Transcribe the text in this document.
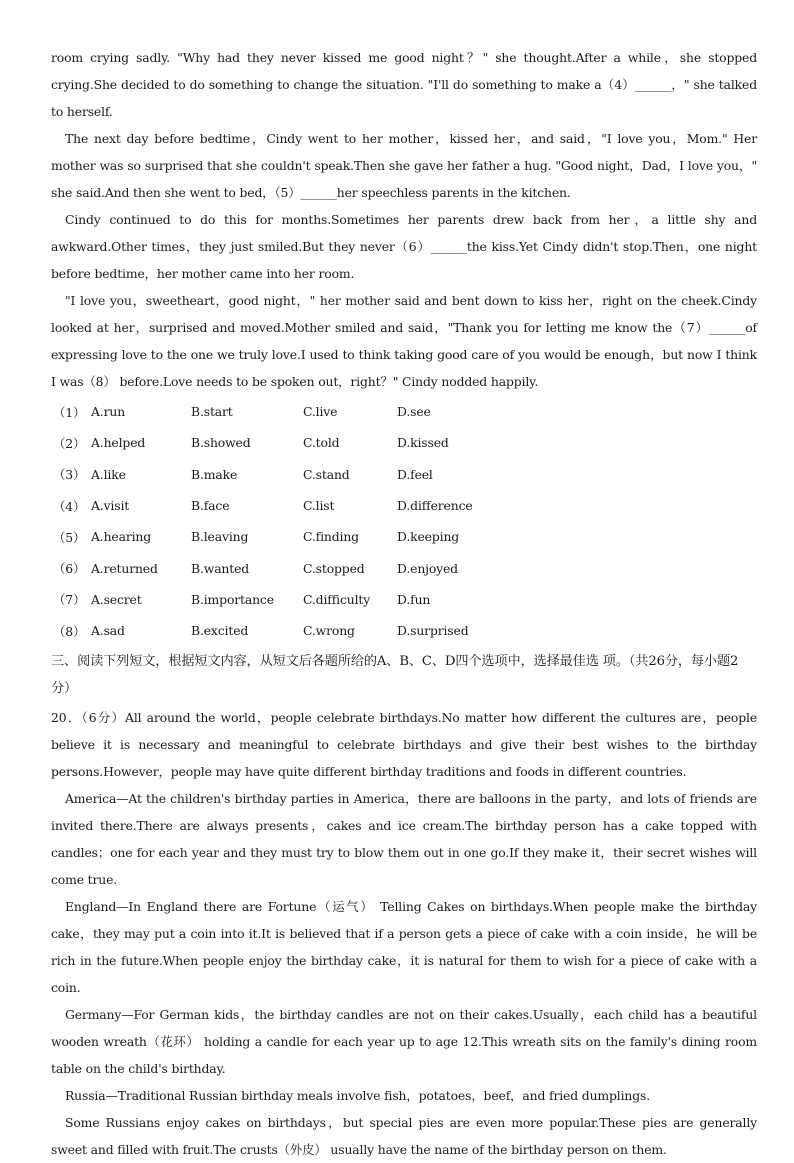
room crying sadly. "Why had they never kissed me good night？" she thought.After a while，she stopped crying.She decided to do something to change the situation. "I'll do something to make a（4）______，" she talked to herself.

The next day before bedtime，Cindy went to her mother，kissed her，and said，"I love you，Mom." Her mother was so surprised that she couldn't speak.Then she gave her father a hug. "Good night，Dad，I love you，" she said.And then she went to bed，（5）______her speechless parents in the kitchen.

Cindy continued to do this for months.Sometimes her parents drew back from her，a little shy and awkward.Other times，they just smiled.But they never（6）______the kiss.Yet Cindy didn't stop.Then，one night before bedtime，her mother came into her room.

"I love you，sweetheart，good night，" her mother said and bent down to kiss her，right on the cheek.Cindy looked at her，surprised and moved.Mother smiled and said，"Thank you for letting me know the（7）______of expressing love to the one we truly love.I used to think taking good care of you would be enough，but now I think I was（8） before.Love needs to be spoken out，right？" Cindy nodded happily.

（1） A.run	B.start	C.live	D.see
（2） A.helped	B.showed	C.told	D.kissed
（3） A.like	B.make	C.stand	D.feel
（4） A.visit	B.face	C.list	D.difference
（5） A.hearing	B.leaving	C.finding	D.keeping
（6） A.returned	B.wanted	C.stopped	D.enjoyed
（7） A.secret	B.importance	C.difficulty	D.fun
（8） A.sad	B.excited	C.wrong	D.surprised

三、阅读下列短文，根据短文内容，从短文后各题所给的A、B、C、D四个选项中，选择最佳选 项。（共26分，每小题2分）

20．（6分）All around the world，people celebrate birthdays.No matter how different the cultures are，people believe it is necessary and meaningful to celebrate birthdays and give their best wishes to the birthday persons.However，people may have quite different birthday traditions and foods in different countries.

America—At the children's birthday parties in America，there are balloons in the party，and lots of friends are invited there.There are always presents，cakes and ice cream.The birthday person has a cake topped with candles；one for each year and they must try to blow them out in one go.If they make it，their secret wishes will come true.

England—In England there are Fortune（运气） Telling Cakes on birthdays.When people make the birthday cake，they may put a coin into it.It is believed that if a person gets a piece of cake with a coin inside，he will be rich in the future.When people enjoy the birthday cake，it is natural for them to wish for a piece of cake with a coin.

Germany—For German kids，the birthday candles are not on their cakes.Usually，each child has a beautiful wooden wreath（花环） holding a candle for each year up to age 12.This wreath sits on the family's dining room table on the child's birthday.

Russia—Traditional Russian birthday meals involve fish，potatoes，beef，and fried dumplings.

Some Russians enjoy cakes on birthdays，but special pies are even more popular.These pies are generally sweet and filled with fruit.The crusts（外皮） usually have the name of the birthday person on them.
